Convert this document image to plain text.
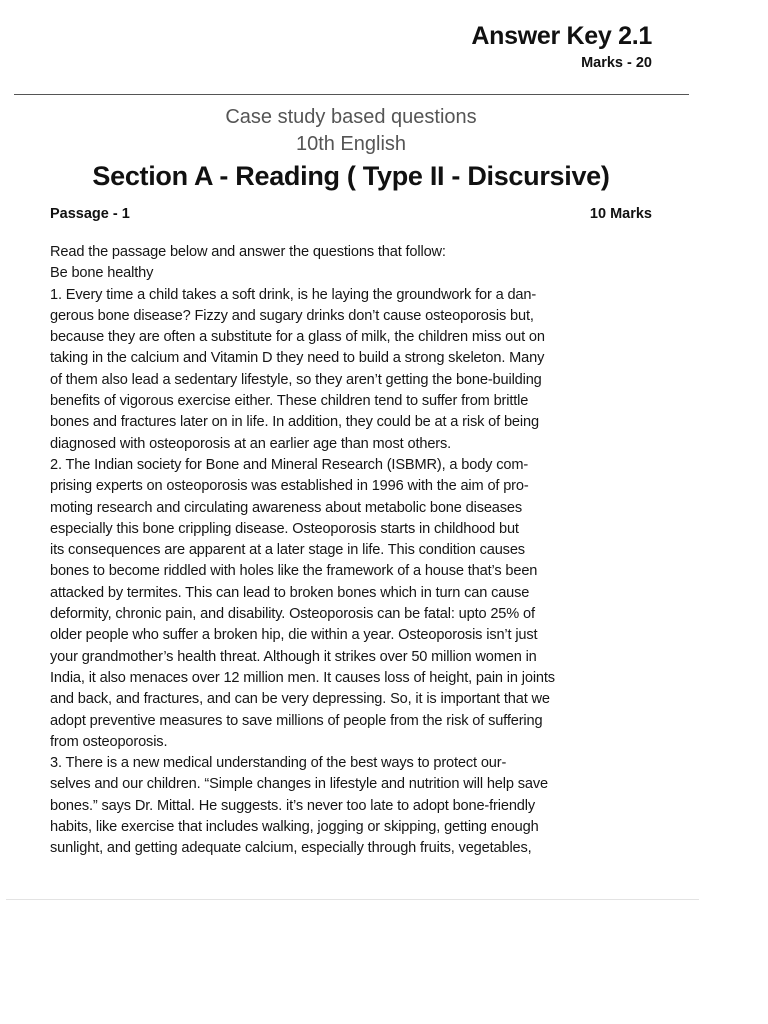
Answer Key 2.1
Marks - 20
Case study based questions
10th English
Section A - Reading ( Type II - Discursive)
Passage - 1	10 Marks
Read the passage below and answer the questions that follow:
Be bone healthy
1. Every time a child takes a soft drink, is he laying the groundwork for a dan-
gerous bone disease? Fizzy and sugary drinks don’t cause osteoporosis but,
because they are often a substitute for a glass of milk, the children miss out on
taking in the calcium and Vitamin D they need to build a strong skeleton. Many
of them also lead a sedentary lifestyle, so they aren’t getting the bone-building
benefits of vigorous exercise either. These children tend to suffer from brittle
bones and fractures later on in life. In addition, they could be at a risk of being
diagnosed with osteoporosis at an earlier age than most others.
2. The Indian society for Bone and Mineral Research (ISBMR), a body com-
prising experts on osteoporosis was established in 1996 with the aim of pro-
moting research and circulating awareness about metabolic bone diseases
especially this bone crippling disease. Osteoporosis starts in childhood but
its consequences are apparent at a later stage in life. This condition causes
bones to become riddled with holes like the framework of a house that’s been
attacked by termites. This can lead to broken bones which in turn can cause
deformity, chronic pain, and disability. Osteoporosis can be fatal: upto 25% of
older people who suffer a broken hip, die within a year. Osteoporosis isn’t just
your grandmother’s health threat. Although it strikes over 50 million women in
India, it also menaces over 12 million men. It causes loss of height, pain in joints
and back, and fractures, and can be very depressing. So, it is important that we
adopt preventive measures to save millions of people from the risk of suffering
from osteoporosis.
3. There is a new medical understanding of the best ways to protect our-
selves and our children. “Simple changes in lifestyle and nutrition will help save
bones.” says Dr. Mittal. He suggests. it’s never too late to adopt bone-friendly
habits, like exercise that includes walking, jogging or skipping, getting enough
sunlight, and getting adequate calcium, especially through fruits, vegetables,
